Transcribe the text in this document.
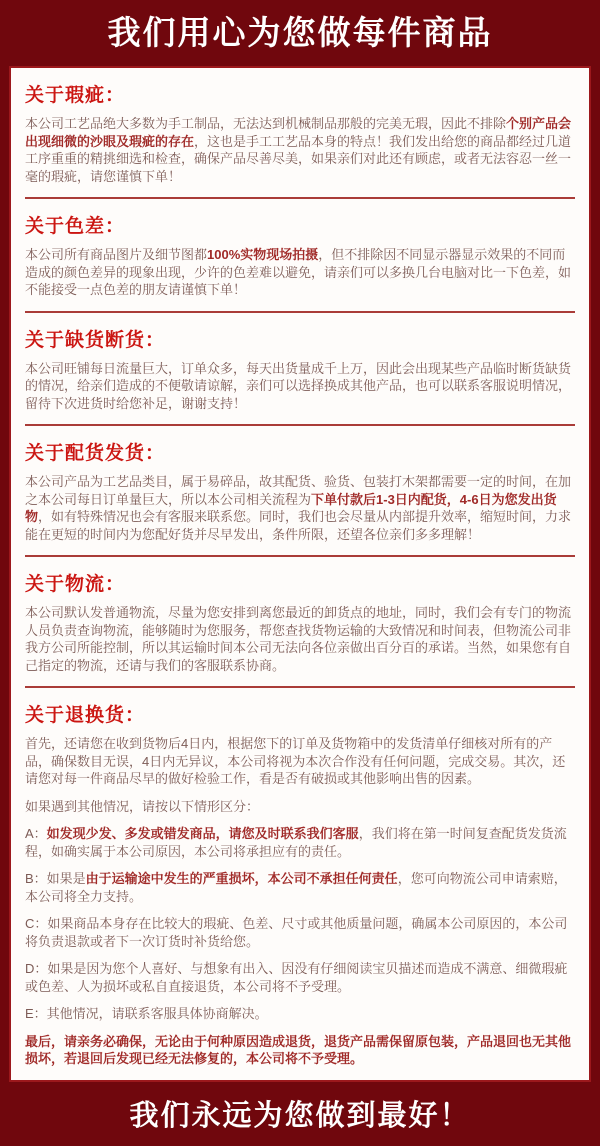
我们用心为您做每件商品
关于瑕疵：

本公司工艺品绝大多数为手工制品，无法达到机械制品那般的完美无瑕，因此不排除个别产品会出现细微的沙眼及瑕疵的存在，这也是手工工艺品本身的特点！我们发出给您的商品都经过几道工序重重的精挑细选和检查，确保产品尽善尽美，如果亲们对此还有顾虑，或者无法容忍一丝一毫的瑕疵，请您谨慎下单！

关于色差：

本公司所有商品图片及细节图都100%实物现场拍摄，但不排除因不同显示器显示效果的不同而造成的颜色差异的现象出现，少许的色差难以避免，请亲们可以多换几台电脑对比一下色差，如不能接受一点色差的朋友请谨慎下单！

关于缺货断货：

本公司旺铺每日流量巨大，订单众多，每天出货量成千上万，因此会出现某些产品临时断货缺货的情况，给亲们造成的不便敬请谅解，亲们可以选择换成其他产品，也可以联系客服说明情况，留待下次进货时给您补足，谢谢支持！

关于配货发货：

本公司产品为工艺品类目，属于易碎品，故其配货、验货、包装打木架都需要一定的时间，在加之本公司每日订单量巨大，所以本公司相关流程为下单付款后1-3日内配货，4-6日为您发出货物，如有特殊情况也会有客服来联系您。同时，我们也会尽量从内部提升效率，缩短时间，力求能在更短的时间内为您配好货并尽早发出，条件所限，还望各位亲们多多理解！

关于物流：

本公司默认发普通物流，尽量为您安排到离您最近的卸货点的地址，同时，我们会有专门的物流人员负责查询物流，能够随时为您服务，帮您查找货物运输的大致情况和时间表，但物流公司非我方公司所能控制，所以其运输时间本公司无法向各位亲做出百分百的承诺。当然，如果您有自己指定的物流，还请与我们的客服联系协商。

关于退换货：

首先，还请您在收到货物后4日内，根据您下的订单及货物箱中的发货清单仔细核对所有的产品，确保数目无误，4日内无异议，本公司将视为本次合作没有任何问题，完成交易。其次，还请您对每一件商品尽早的做好检验工作，看是否有破损或其他影响出售的因素。

如果遇到其他情况，请按以下情形区分：

A：如发现少发、多发或错发商品，请您及时联系我们客服，我们将在第一时间复查配货发货流程，如确实属于本公司原因，本公司将承担应有的责任。

B：如果是由于运输途中发生的严重损坏，本公司不承担任何责任，您可向物流公司申请索赔，本公司将全力支持。

C：如果商品本身存在比较大的瑕疵、色差、尺寸或其他质量问题，确属本公司原因的，本公司将负责退款或者下一次订货时补货给您。

D：如果是因为您个人喜好、与想象有出入、因没有仔细阅读宝贝描述而造成不满意、细微瑕疵或色差、人为损坏或私自直接退货，本公司将不予受理。

E：其他情况，请联系客服具体协商解决。

最后，请亲务必确保，无论由于何种原因造成退货，退货产品需保留原包装，产品退回也无其他损坏，若退回后发现已经无法修复的，本公司将不予受理。

我们永远为您做到最好！
